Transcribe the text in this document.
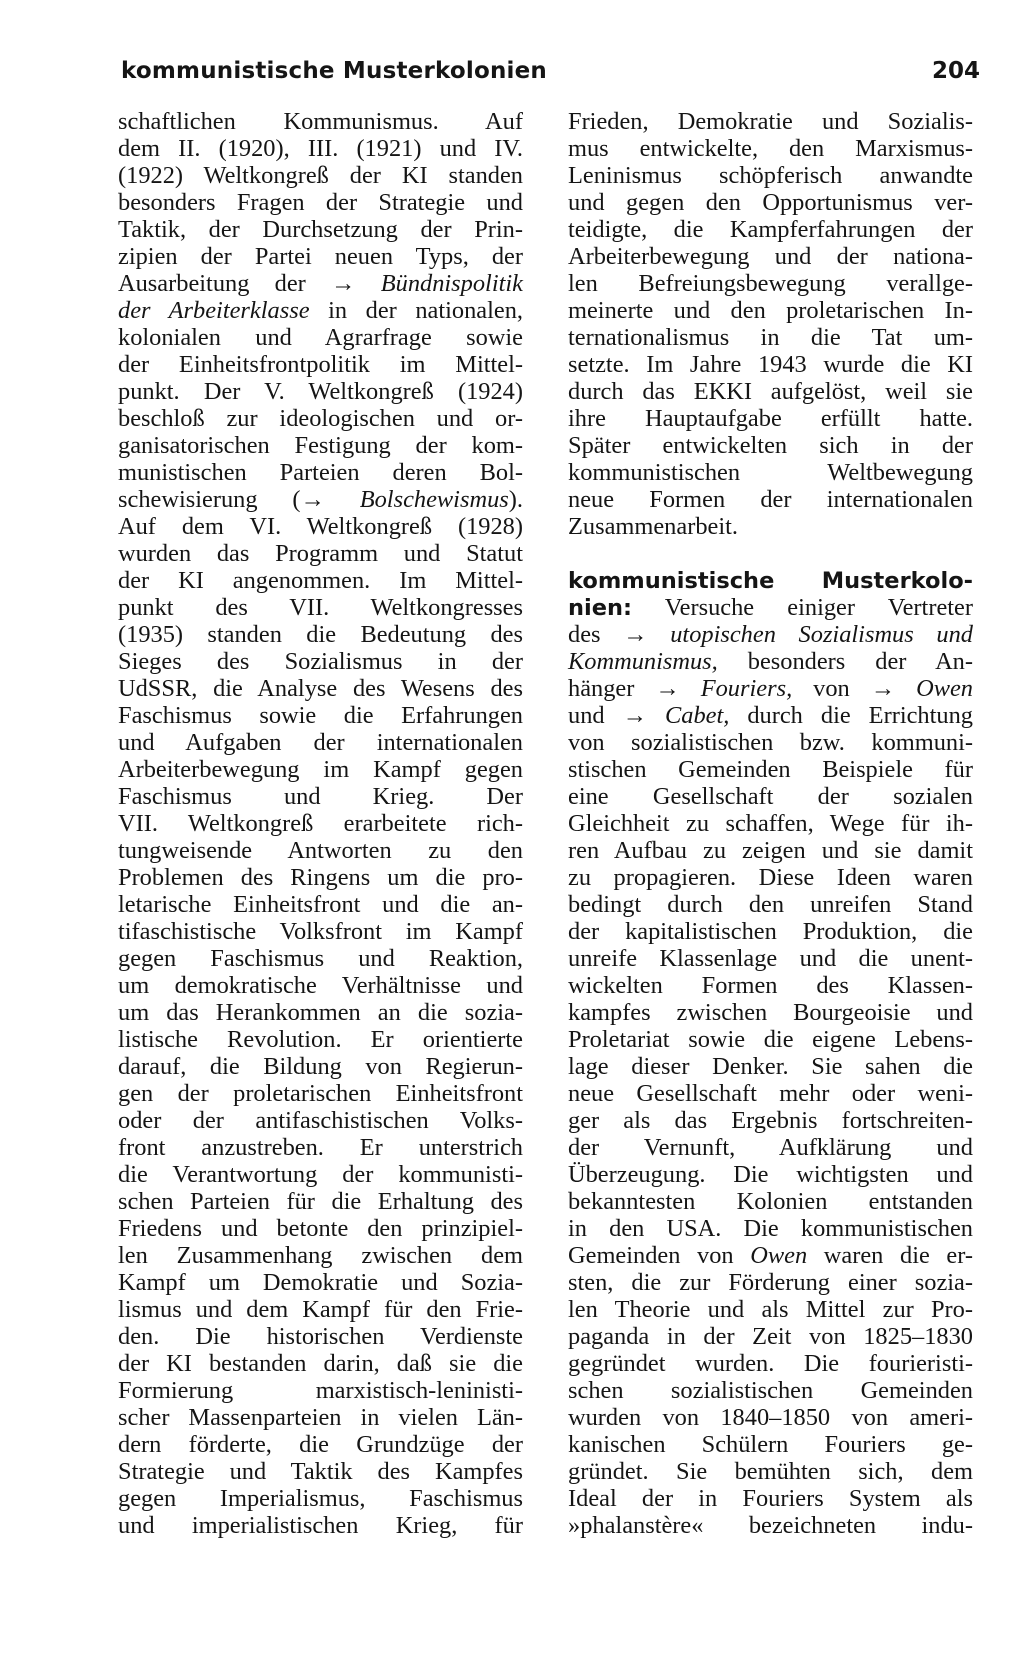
kommunistische Musterkolonien	204
schaftlichen Kommunismus. Auf
dem II. (1920), III. (1921) und IV.
(1922) Weltkongreß der KI standen
besonders Fragen der Strategie und
Taktik, der Durchsetzung der Prin-
zipien der Partei neuen Typs, der
Ausarbeitung der → Bündnispolitik
der Arbeiterklasse in der nationalen,
kolonialen und Agrarfrage sowie
der Einheitsfrontpolitik im Mittel-
punkt. Der V. Weltkongreß (1924)
beschloß zur ideologischen und or-
ganisatorischen Festigung der kom-
munistischen Parteien deren Bol-
schewisierung (→ Bolschewismus).
Auf dem VI. Weltkongreß (1928)
wurden das Programm und Statut
der KI angenommen. Im Mittel-
punkt des VII. Weltkongresses
(1935) standen die Bedeutung des
Sieges des Sozialismus in der
UdSSR, die Analyse des Wesens des
Faschismus sowie die Erfahrungen
und Aufgaben der internationalen
Arbeiterbewegung im Kampf gegen
Faschismus und Krieg. Der
VII. Weltkongreß erarbeitete rich-
tungweisende Antworten zu den
Problemen des Ringens um die pro-
letarische Einheitsfront und die an-
tifaschistische Volksfront im Kampf
gegen Faschismus und Reaktion,
um demokratische Verhältnisse und
um das Herankommen an die sozia-
listische Revolution. Er orientierte
darauf, die Bildung von Regierun-
gen der proletarischen Einheitsfront
oder der antifaschistischen Volks-
front anzustreben. Er unterstrich
die Verantwortung der kommunisti-
schen Parteien für die Erhaltung des
Friedens und betonte den prinzipiel-
len Zusammenhang zwischen dem
Kampf um Demokratie und Sozia-
lismus und dem Kampf für den Frie-
den. Die historischen Verdienste
der KI bestanden darin, daß sie die
Formierung marxistisch-leninisti-
scher Massenparteien in vielen Län-
dern förderte, die Grundzüge der
Strategie und Taktik des Kampfes
gegen Imperialismus, Faschismus
und imperialistischen Krieg, für
Frieden, Demokratie und Sozialis-
mus entwickelte, den Marxismus-
Leninismus schöpferisch anwandte
und gegen den Opportunismus ver-
teidigte, die Kampferfahrungen der
Arbeiterbewegung und der nationa-
len Befreiungsbewegung verallge-
meinerte und den proletarischen In-
ternationalismus in die Tat um-
setzte. Im Jahre 1943 wurde die KI
durch das EKKI aufgelöst, weil sie
ihre Hauptaufgabe erfüllt hatte.
Später entwickelten sich in der
kommunistischen Weltbewegung
neue Formen der internationalen
Zusammenarbeit.
kommunistische Musterkolo-
nien: Versuche einiger Vertreter
des → utopischen Sozialismus und
Kommunismus, besonders der An-
hänger → Fouriers, von → Owen
und → Cabet, durch die Errichtung
von sozialistischen bzw. kommuni-
stischen Gemeinden Beispiele für
eine Gesellschaft der sozialen
Gleichheit zu schaffen, Wege für ih-
ren Aufbau zu zeigen und sie damit
zu propagieren. Diese Ideen waren
bedingt durch den unreifen Stand
der kapitalistischen Produktion, die
unreife Klassenlage und die unent-
wickelten Formen des Klassen-
kampfes zwischen Bourgeoisie und
Proletariat sowie die eigene Lebens-
lage dieser Denker. Sie sahen die
neue Gesellschaft mehr oder weni-
ger als das Ergebnis fortschreiten-
der Vernunft, Aufklärung und
Überzeugung. Die wichtigsten und
bekanntesten Kolonien entstanden
in den USA. Die kommunistischen
Gemeinden von Owen waren die er-
sten, die zur Förderung einer sozia-
len Theorie und als Mittel zur Pro-
paganda in der Zeit von 1825–1830
gegründet wurden. Die fourieristi-
schen sozialistischen Gemeinden
wurden von 1840–1850 von ameri-
kanischen Schülern Fouriers ge-
gründet. Sie bemühten sich, dem
Ideal der in Fouriers System als
»phalanstère« bezeichneten indu-
